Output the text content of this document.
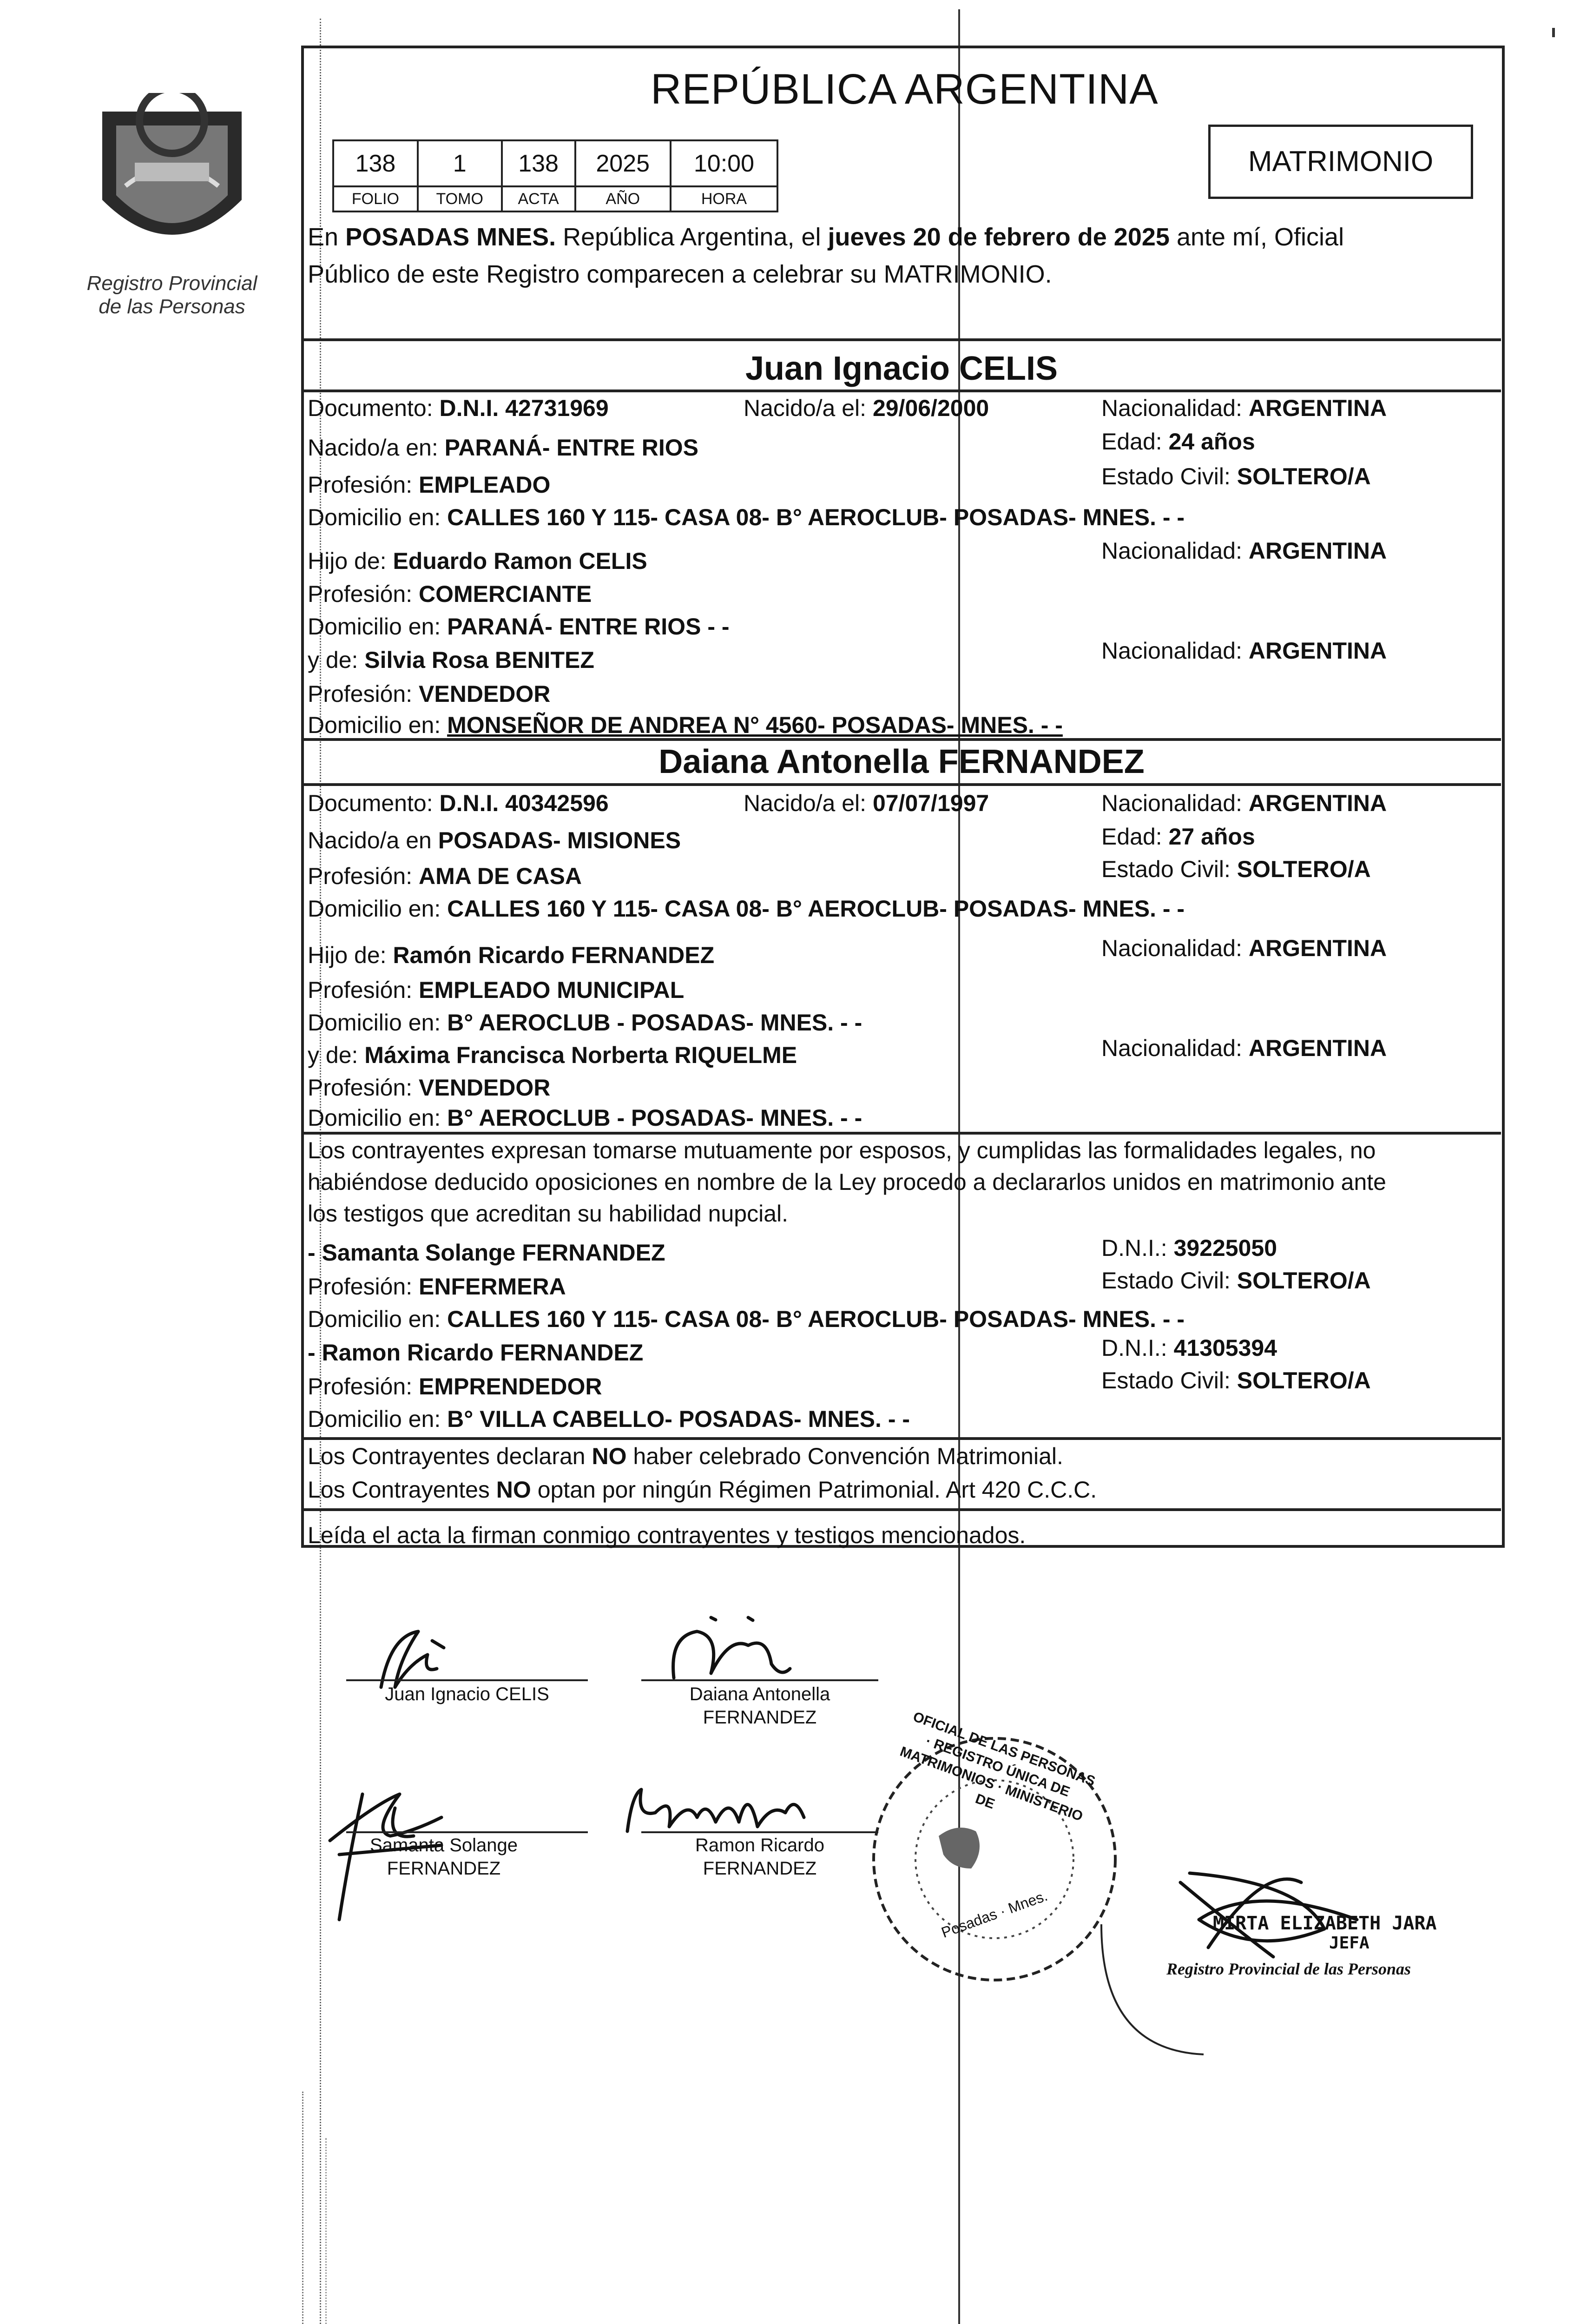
Registro Provincial
de las Personas
REPÚBLICA ARGENTINA
138	1	138	2025	10:00
FOLIO	TOMO	ACTA	AÑO	HORA
MATRIMONIO
En POSADAS MNES. República Argentina, el jueves 20 de febrero de 2025 ante mí, Oficial
Público de este Registro comparecen a celebrar su MATRIMONIO.
Juan Ignacio CELIS
Documento: D.N.I. 42731969	Nacido/a el: 29/06/2000	Nacionalidad: ARGENTINA
Nacido/a en: PARANÁ- ENTRE RIOS	Edad: 24 años
Profesión: EMPLEADO	Estado Civil: SOLTERO/A
Domicilio en: CALLES 160 Y 115- CASA 08- B° AEROCLUB- POSADAS- MNES. - -
Hijo de: Eduardo Ramon CELIS	Nacionalidad: ARGENTINA
Profesión: COMERCIANTE
Domicilio en: PARANÁ- ENTRE RIOS - -
y de: Silvia Rosa BENITEZ	Nacionalidad: ARGENTINA
Profesión: VENDEDOR
Domicilio en: MONSEÑOR DE ANDREA N° 4560- POSADAS- MNES. - -
Daiana Antonella FERNANDEZ
Documento: D.N.I. 40342596	Nacido/a el: 07/07/1997	Nacionalidad: ARGENTINA
Nacido/a en POSADAS- MISIONES	Edad: 27 años
Profesión: AMA DE CASA	Estado Civil: SOLTERO/A
Domicilio en: CALLES 160 Y 115- CASA 08- B° AEROCLUB- POSADAS- MNES. - -
Hijo de: Ramón Ricardo FERNANDEZ	Nacionalidad: ARGENTINA
Profesión: EMPLEADO MUNICIPAL
Domicilio en: B° AEROCLUB - POSADAS- MNES. - -
y de: Máxima Francisca Norberta RIQUELME	Nacionalidad: ARGENTINA
Profesión: VENDEDOR
Domicilio en: B° AEROCLUB - POSADAS- MNES. - -
Los contrayentes expresan tomarse mutuamente por esposos, y cumplidas las formalidades legales, no
habiéndose deducido oposiciones en nombre de la Ley procedo a declararlos unidos en matrimonio ante
los testigos que acreditan su habilidad nupcial.
- Samanta Solange FERNANDEZ	D.N.I.: 39225050
Profesión: ENFERMERA	Estado Civil: SOLTERO/A
Domicilio en: CALLES 160 Y 115- CASA 08- B° AEROCLUB- POSADAS- MNES. - -
- Ramon Ricardo FERNANDEZ	D.N.I.: 41305394
Profesión: EMPRENDEDOR	Estado Civil: SOLTERO/A
Domicilio en: B° VILLA CABELLO- POSADAS- MNES. - -
Los Contrayentes declaran NO haber celebrado Convención Matrimonial.
Los Contrayentes NO optan por ningún Régimen Patrimonial. Art 420 C.C.C.
Leída el acta la firman conmigo contrayentes y testigos mencionados.
Juan Ignacio CELIS	Daiana Antonella
FERNANDEZ
Samanta Solange
FERNANDEZ
Ramon Ricardo
FERNANDEZ
OFICIAL DE LAS PERSONAS · REGISTRO ÚNICA DE MATRIMONIOS · MINISTERIO DE
Posadas · Mnes.	MIRTA ELIZABETH JARA
JEFA
Registro Provincial de las Personas
